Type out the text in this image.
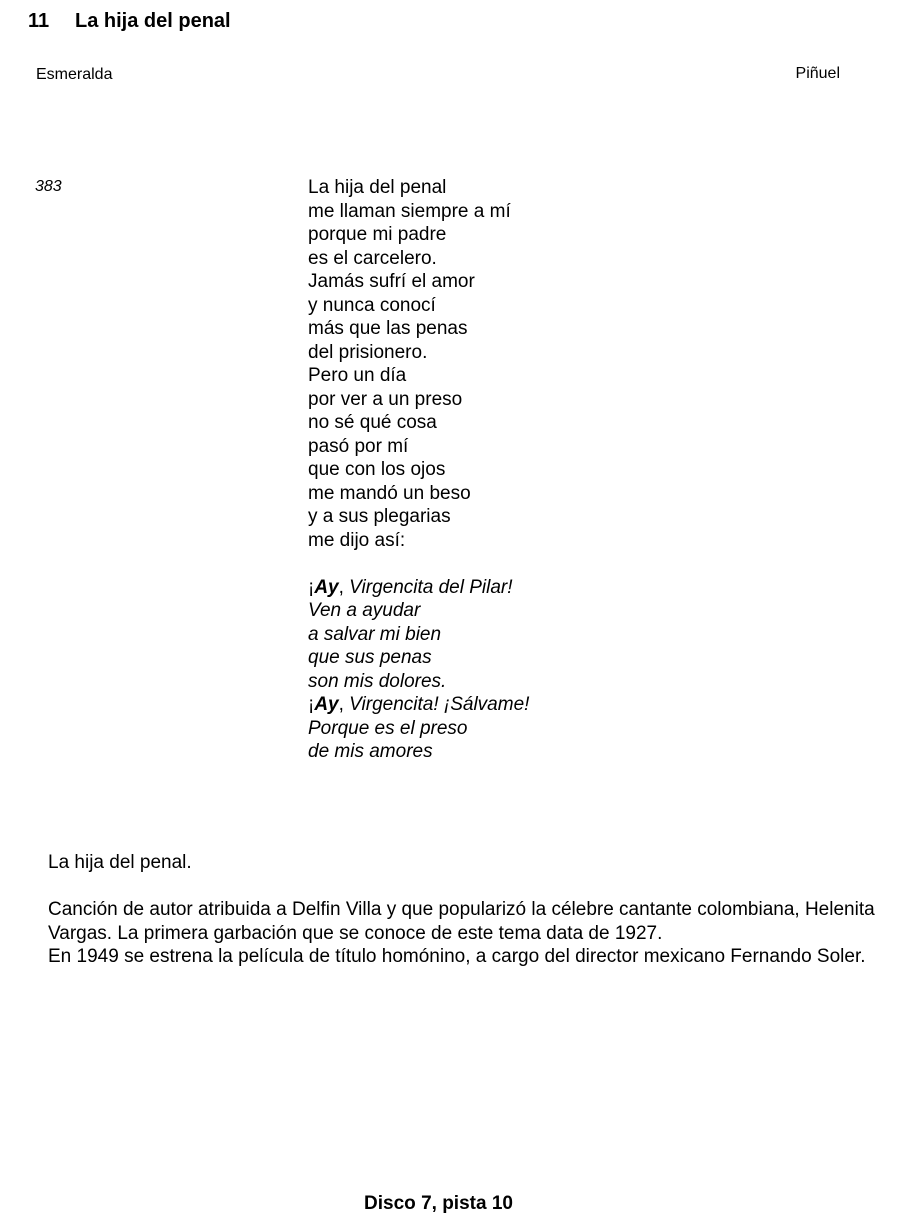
11 La hija del penal
Esmeralda	Piñuel
383	La hija del penal
me llaman siempre a mí
porque mi padre
es el carcelero.
Jamás sufrí el amor
y nunca conocí
más que las penas
del prisionero.
Pero un día
por ver a un preso
no sé qué cosa
pasó por mí
que con los ojos
me mandó un beso
y a sus plegarias
me dijo así:
¡Ay, Virgencita del Pilar!
Ven a ayudar
a salvar mi bien
que sus penas
son mis dolores.
¡Ay, Virgencita! ¡Sálvame!
Porque es el preso
de mis amores

La hija del penal.

Canción de autor atribuida a Delfin Villa y que popularizó la célebre cantante colombiana, Helenita Vargas. La primera garbación que se conoce de este tema data de 1927.

En 1949 se estrena la película de título homónino, a cargo del director mexicano Fernando Soler.

Disco 7, pista 10
